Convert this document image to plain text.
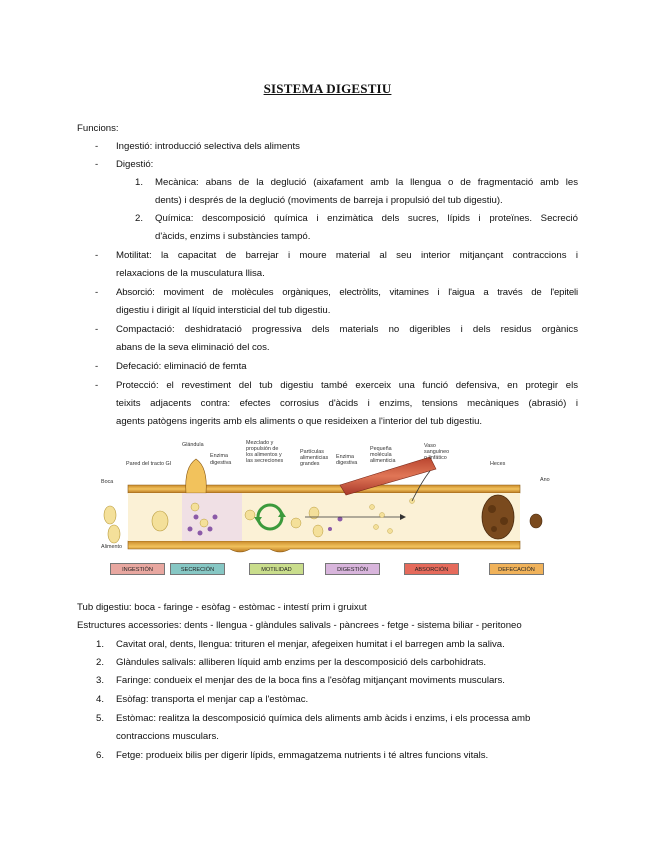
SISTEMA DIGESTIU
Funcions:
- Ingestió: introducció selectiva dels aliments
- Digestió:
1. Mecànica: abans de la deglució (aixafament amb la llengua o de fragmentació amb les
dents) i després de la deglució (moviments de barreja i propulsió del tub digestiu).
2. Química: descomposició química i enzimàtica dels sucres, lípids i proteïnes. Secreció
d'àcids, enzims i substàncies tampó.
- Motilitat: la capacitat de barrejar i moure material al seu interior mitjançant contraccions i
relaxacions de la musculatura llisa.
- Absorció: moviment de molècules orgàniques, electròlits, vitamines i l'aigua a través de l'epiteli
digestiu i dirigit al líquid intersticial del tub digestiu.
- Compactació: deshidratació progressiva dels materials no digeribles i dels residus orgànics
abans de la seva eliminació del cos.
- Defecació: eliminació de femta
- Protecció: el revestiment del tub digestiu també exerceix una funció defensiva, en protegir els
teixits adjacents contra: efectes corrosius d'àcids i enzims, tensions mecàniques (abrasió) i
agents patògens ingerits amb els aliments o que resideixen a l'interior del tub digestiu.
Boca
Alimento
Pared del tracto GI
Glándula
Enzima
digestiva
Mezclado y
propulsión de
los alimentos y
las secreciones
Partículas
alimenticias
grandes
Enzima
digestiva
Pequeña
molécula
alimenticia
Vaso
sanguíneo
o linfático
Heces
Ano
INGESTIÓN	SECRECIÓN	MOTILIDAD	DIGESTIÓN	ABSORCIÓN	DEFECACIÓN
Tub digestiu: boca - faringe - esòfag - estòmac - intestí prim i gruixut
Estructures accessories: dents - llengua - glàndules salivals - pàncrees - fetge - sistema biliar - peritoneo
1. Cavitat oral, dents, llengua: trituren el menjar, afegeixen humitat i el barregen amb la saliva.
2. Glàndules salivals: alliberen líquid amb enzims per la descomposició dels carbohidrats.
3. Faringe: condueix el menjar des de la boca fins a l'esòfag mitjançant moviments musculars.
4. Esòfag: transporta el menjar cap a l'estòmac.
5. Estòmac: realitza la descomposició química dels aliments amb àcids i enzims, i els processa amb
contraccions musculars.
6. Fetge: produeix bilis per digerir lípids, emmagatzema nutrients i té altres funcions vitals.
